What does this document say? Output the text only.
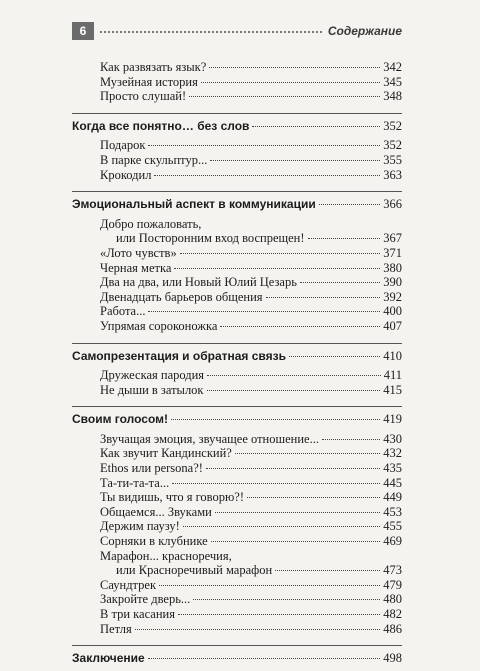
6	Содержание
Как развязать язык?	342
Музейная история	345
Просто слушай!	348
Когда все понятно… без слов	352
Подарок	352
В парке скульптур...	355
Крокодил	363
Эмоциональный аспект в коммуникации	366
Добро пожаловать,
или Посторонним вход воспрещен!	367
«Лото чувств»	371
Черная метка	380
Два на два, или Новый Юлий Цезарь	390
Двенадцать барьеров общения	392
Работа...	400
Упрямая сороконожка	407
Самопрезентация и обратная связь	410
Дружеская пародия	411
Не дыши в затылок	415
Своим голосом!	419
Звучащая эмоция, звучащее отношение...	430
Как звучит Кандинский?	432
Ethos или persona?!	435
Та-ти-та-та...	445
Ты видишь, что я говорю?!	449
Общаемся... Звуками	453
Держим паузу!	455
Сорняки в клубнике	469
Марафон... красноречия,
или Красноречивый марафон	473
Саундтрек	479
Закройте дверь...	480
В три касания	482
Петля	486
Заключение	498
